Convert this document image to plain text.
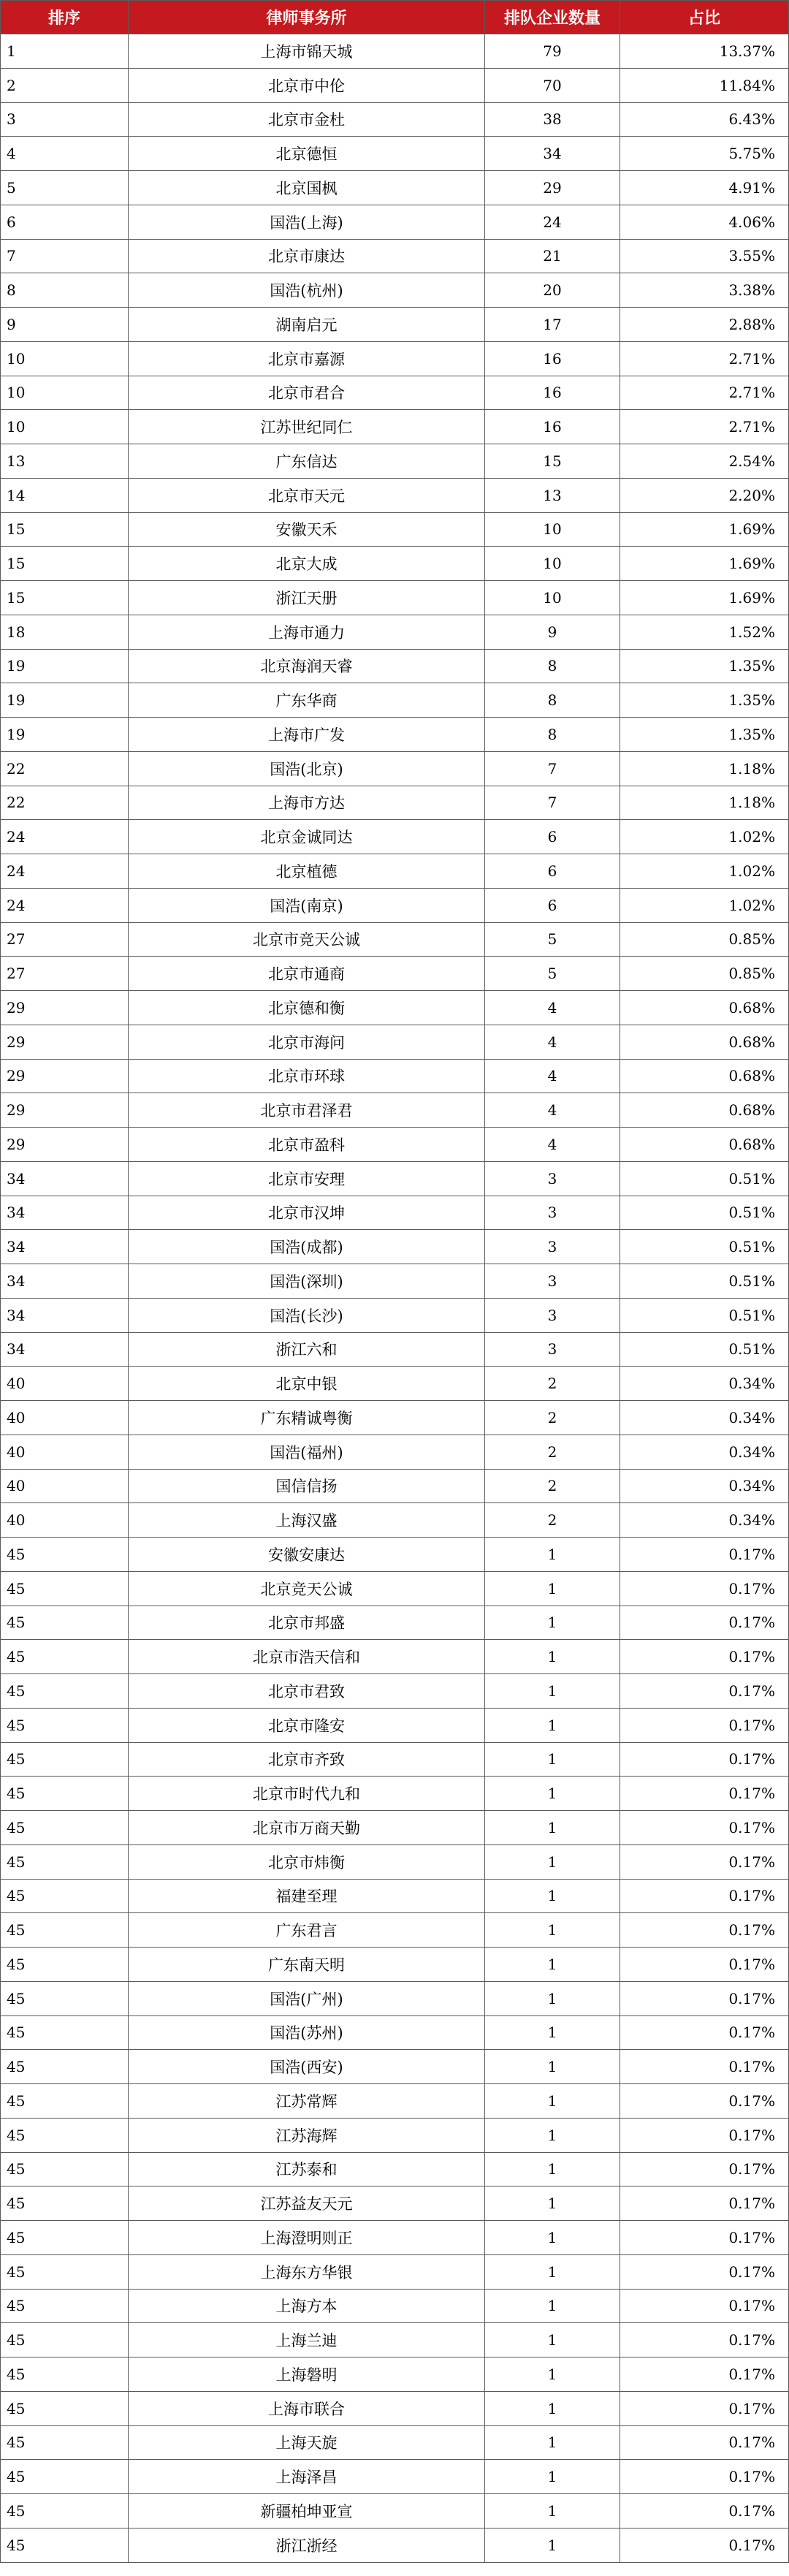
排序	律师事务所	排队企业数量	占比
1	上海市锦天城	79	13.37%
2	北京市中伦	70	11.84%
3	北京市金杜	38	6.43%
4	北京德恒	34	5.75%
5	北京国枫	29	4.91%
6	国浩(上海)	24	4.06%
7	北京市康达	21	3.55%
8	国浩(杭州)	20	3.38%
9	湖南启元	17	2.88%
10	北京市嘉源	16	2.71%
10	北京市君合	16	2.71%
10	江苏世纪同仁	16	2.71%
13	广东信达	15	2.54%
14	北京市天元	13	2.20%
15	安徽天禾	10	1.69%
15	北京大成	10	1.69%
15	浙江天册	10	1.69%
18	上海市通力	9	1.52%
19	北京海润天睿	8	1.35%
19	广东华商	8	1.35%
19	上海市广发	8	1.35%
22	国浩(北京)	7	1.18%
22	上海市方达	7	1.18%
24	北京金诚同达	6	1.02%
24	北京植德	6	1.02%
24	国浩(南京)	6	1.02%
27	北京市竞天公诚	5	0.85%
27	北京市通商	5	0.85%
29	北京德和衡	4	0.68%
29	北京市海问	4	0.68%
29	北京市环球	4	0.68%
29	北京市君泽君	4	0.68%
29	北京市盈科	4	0.68%
34	北京市安理	3	0.51%
34	北京市汉坤	3	0.51%
34	国浩(成都)	3	0.51%
34	国浩(深圳)	3	0.51%
34	国浩(长沙)	3	0.51%
34	浙江六和	3	0.51%
40	北京中银	2	0.34%
40	广东精诚粤衡	2	0.34%
40	国浩(福州)	2	0.34%
40	国信信扬	2	0.34%
40	上海汉盛	2	0.34%
45	安徽安康达	1	0.17%
45	北京竞天公诚	1	0.17%
45	北京市邦盛	1	0.17%
45	北京市浩天信和	1	0.17%
45	北京市君致	1	0.17%
45	北京市隆安	1	0.17%
45	北京市齐致	1	0.17%
45	北京市时代九和	1	0.17%
45	北京市万商天勤	1	0.17%
45	北京市炜衡	1	0.17%
45	福建至理	1	0.17%
45	广东君言	1	0.17%
45	广东南天明	1	0.17%
45	国浩(广州)	1	0.17%
45	国浩(苏州)	1	0.17%
45	国浩(西安)	1	0.17%
45	江苏常辉	1	0.17%
45	江苏海辉	1	0.17%
45	江苏泰和	1	0.17%
45	江苏益友天元	1	0.17%
45	上海澄明则正	1	0.17%
45	上海东方华银	1	0.17%
45	上海方本	1	0.17%
45	上海兰迪	1	0.17%
45	上海磐明	1	0.17%
45	上海市联合	1	0.17%
45	上海天旋	1	0.17%
45	上海泽昌	1	0.17%
45	新疆柏坤亚宣	1	0.17%
45	浙江浙经	1	0.17%
